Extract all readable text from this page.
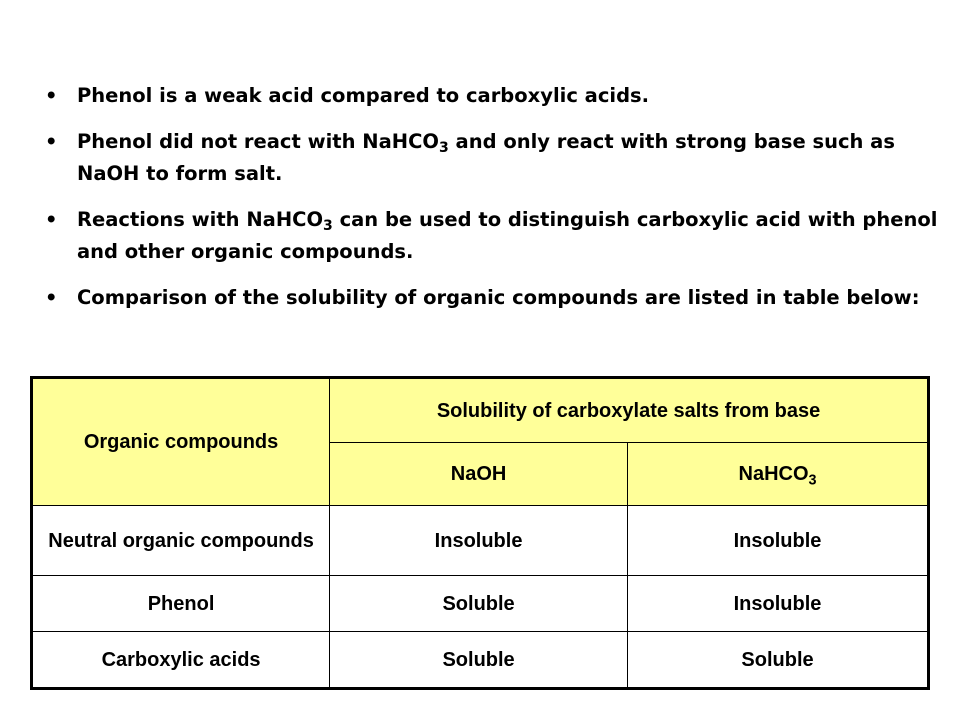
• Phenol is a weak acid compared to carboxylic acids.
• Phenol did not react with NaHCO$_3$ and only react with strong base such as NaOH to form salt.
• Reactions with NaHCO$_3$ can be used to distinguish carboxylic acid with phenol and other organic compounds.
• Comparison of the solubility of organic compounds are listed in table below:
Organic compounds	Solubility of carboxylate salts from base	
	NaOH	NaHCO$_3$
Neutral organic compounds	Insoluble	Insoluble
Phenol	Soluble	Insoluble
Carboxylic acids	Soluble	Soluble
